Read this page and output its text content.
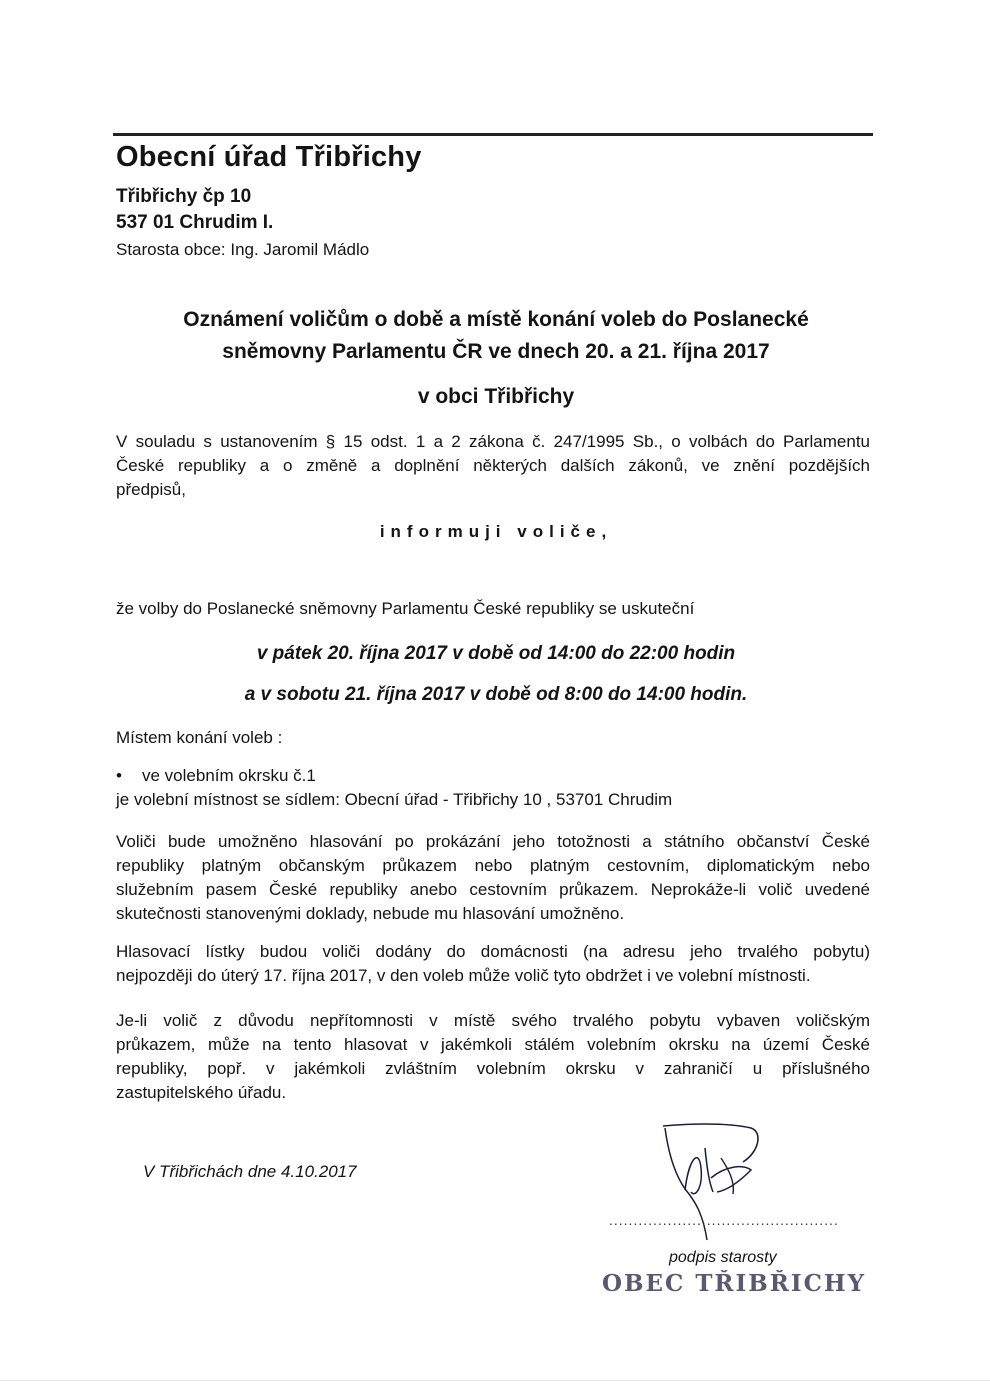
Obecní úřad Třibřichy

Třibřichy čp 10

537 01 Chrudim I.

Starosta obce: Ing. Jaromil Mádlo

Oznámení voličům o době a místě konání voleb do Poslanecké
sněmovny Parlamentu ČR ve dnech 20. a 21. října 2017
v obci Třibřichy
V souladu s ustanovením § 15 odst. 1 a 2 zákona č. 247/1995 Sb., o volbách do Parlamentu
České republiky a o změně a doplnění některých dalších zákonů, ve znění pozdějších
předpisů,

informuji voliče,

že volby do Poslanecké sněmovny Parlamentu České republiky se uskuteční

v pátek 20. října 2017 v době od 14:00 do 22:00 hodin

a v sobotu 21. října 2017 v době od 8:00 do 14:00 hodin.

Místem konání voleb :

• ve volebním okrsku č.1

je volební místnost se sídlem: Obecní úřad - Třibřichy 10 , 53701 Chrudim

Voliči bude umožněno hlasování po prokázání jeho totožnosti a státního občanství České
republiky platným občanským průkazem nebo platným cestovním, diplomatickým nebo
služebním pasem České republiky anebo cestovním průkazem. Neprokáže-li volič uvedené
skutečnosti stanovenými doklady, nebude mu hlasování umožněno.
Hlasovací lístky budou voliči dodány do domácnosti (na adresu jeho trvalého pobytu)
nejpozději do úterý 17. října 2017, v den voleb může volič tyto obdržet i ve volební místnosti.
Je-li volič z důvodu nepřítomnosti v místě svého trvalého pobytu vybaven voličským
průkazem, může na tento hlasovat v jakémkoli stálém volebním okrsku na území České
republiky, popř. v jakémkoli zvláštním volebním okrsku v zahraničí u příslušného
zastupitelského úřadu.

V Třibřichách dne 4.10.2017

...............................................

podpis starosty

OBEC TŘIBŘICHY
